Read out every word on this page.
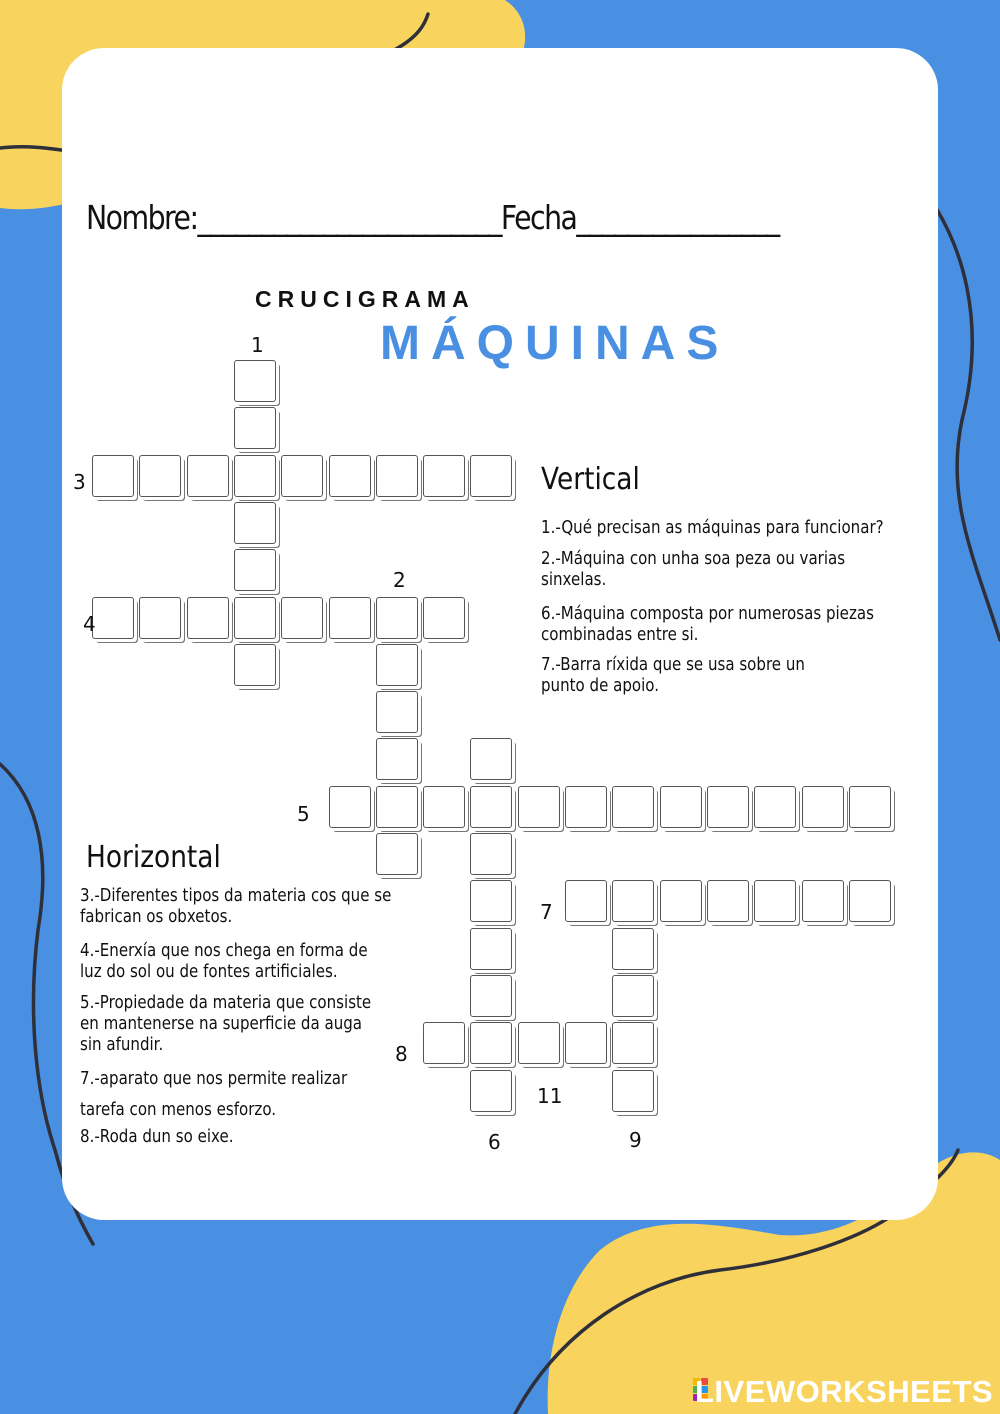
Nombre:________________________Fecha________________
CRUCIGRAMA
MÁQUINAS
Vertical
1.-Qué precisan as máquinas para funcionar?
2.-Máquina con unha soa peza ou varias
sinxelas.
6.-Máquina composta por numerosas piezas
combinadas entre si.
7.-Barra ríxida que se usa sobre un
punto de apoio.
Horizontal
3.-Diferentes tipos da materia cos que se
fabrican os obxetos.
4.-Enerxía que nos chega en forma de
luz do sol ou de fontes artificiales.
5.-Propiedade da materia que consiste
en mantenerse na superficie da auga
sin afundir.
7.-aparato que nos permite realizar
tarefa con menos esforzo.
8.-Roda dun so eixe.
1
2
3
4
5
6
7
8
9
11
LIVEWORKSHEETS
